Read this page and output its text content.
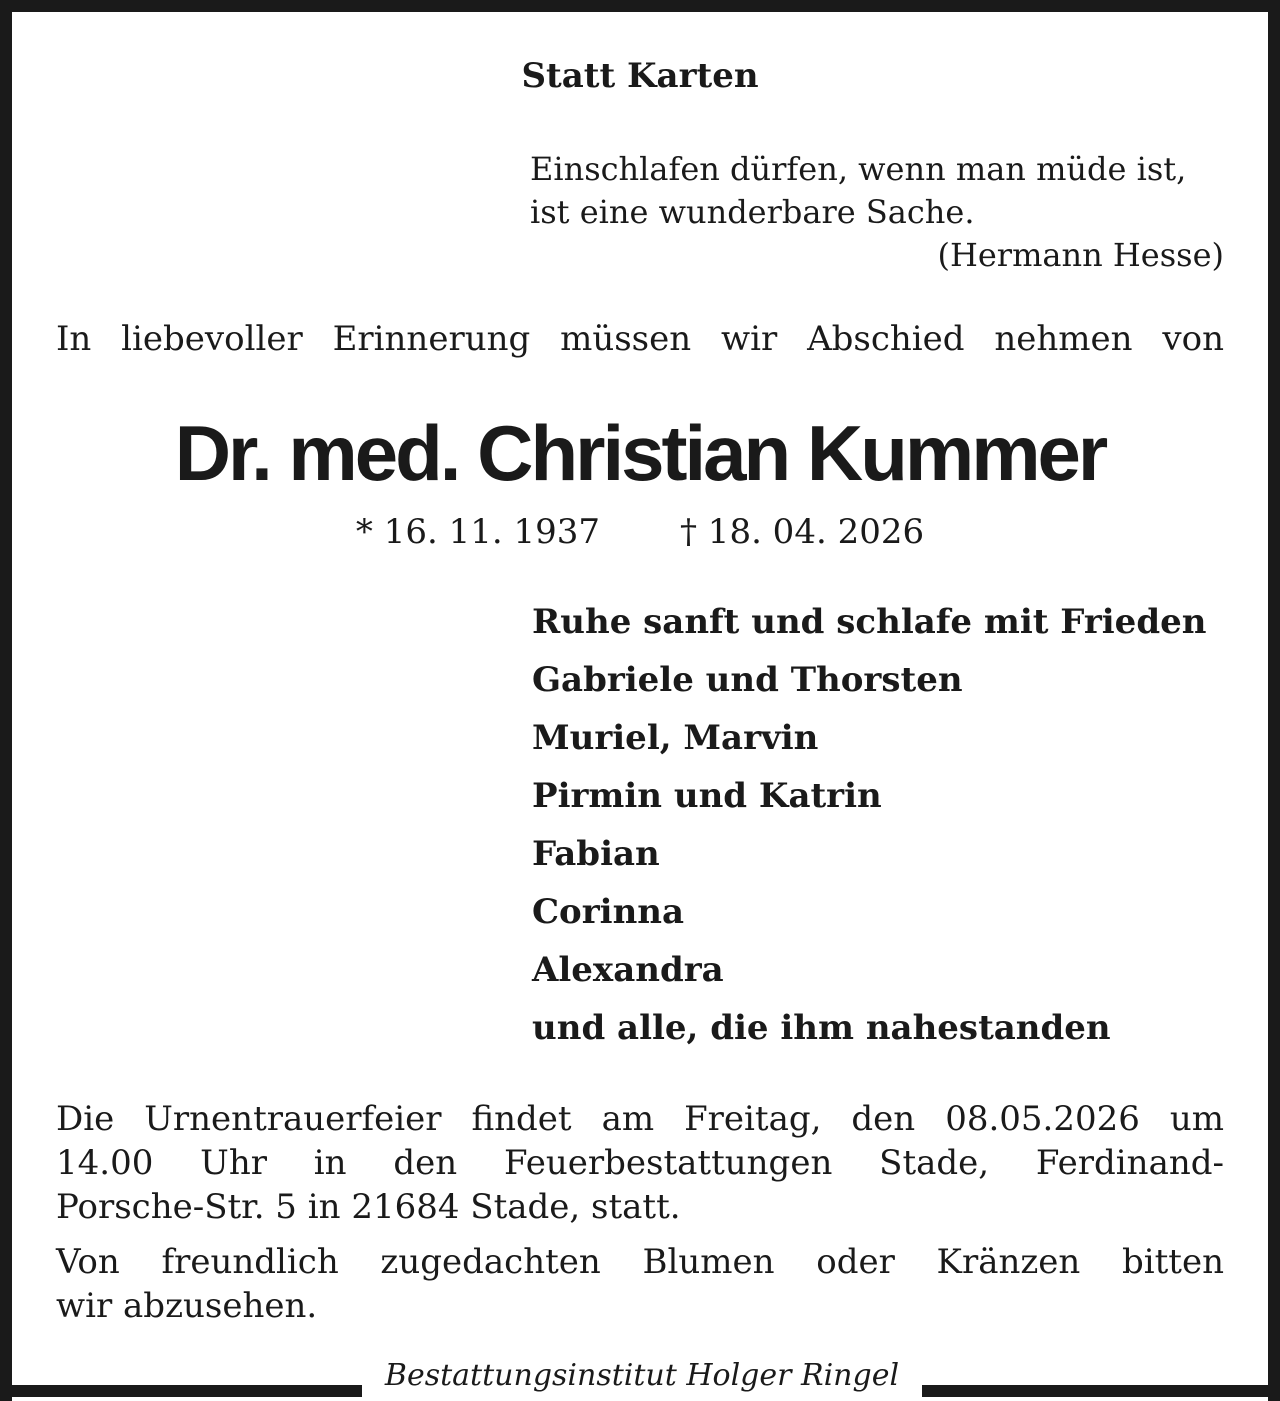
Statt Karten

Einschlafen dürfen, wenn man müde ist,
ist eine wunderbare Sache.
(Hermann Hesse)

In liebevoller Erinnerung müssen wir Abschied nehmen von

Dr. med. Christian Kummer

* 16. 11. 1937 † 18. 04. 2026

Ruhe sanft und schlafe mit Frieden
Gabriele und Thorsten
Muriel, Marvin
Pirmin und Katrin
Fabian
Corinna
Alexandra
und alle, die ihm nahestanden
Die Urnentrauerfeier findet am Freitag, den 08.05.2026 um
14.00 Uhr in den Feuerbestattungen Stade, Ferdinand-
Porsche-Str. 5 in 21684 Stade, statt.
Von freundlich zugedachten Blumen oder Kränzen bitten
wir abzusehen.

Bestattungsinstitut Holger Ringel
